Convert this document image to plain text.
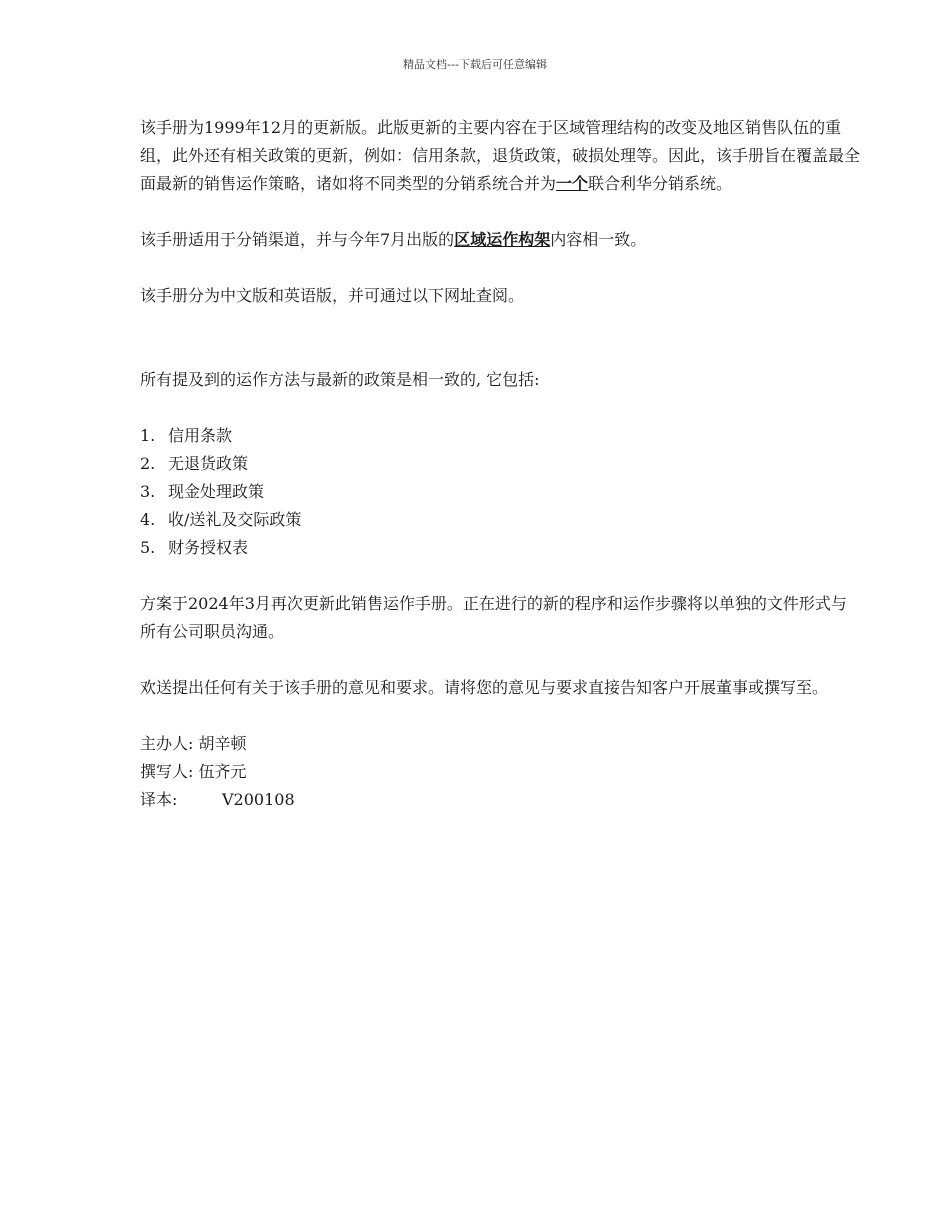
精品文档---下载后可任意编辑

该手册为1999年12月的更新版。此版更新的主要内容在于区域管理结构的改变及地区销售队伍的重组，此外还有相关政策的更新，例如：信用条款，退货政策，破损处理等。因此，该手册旨在覆盖最全面最新的销售运作策略，诸如将不同类型的分销系统合并为一个联合利华分销系统。

该手册适用于分销渠道，并与今年7月出版的区域运作构架内容相一致。

该手册分为中文版和英语版，并可通过以下网址查阅。

所有提及到的运作方法与最新的政策是相一致的, 它包括:

1. 信用条款
2. 无退货政策
3. 现金处理政策
4. 收/送礼及交际政策
5. 财务授权表

方案于2024年3月再次更新此销售运作手册。正在进行的新的程序和运作步骤将以单独的文件形式与所有公司职员沟通。

欢送提出任何有关于该手册的意见和要求。请将您的意见与要求直接告知客户开展董事或撰写至。

主办人: 胡辛顿

撰写人: 伍齐元

译本:	V200108
